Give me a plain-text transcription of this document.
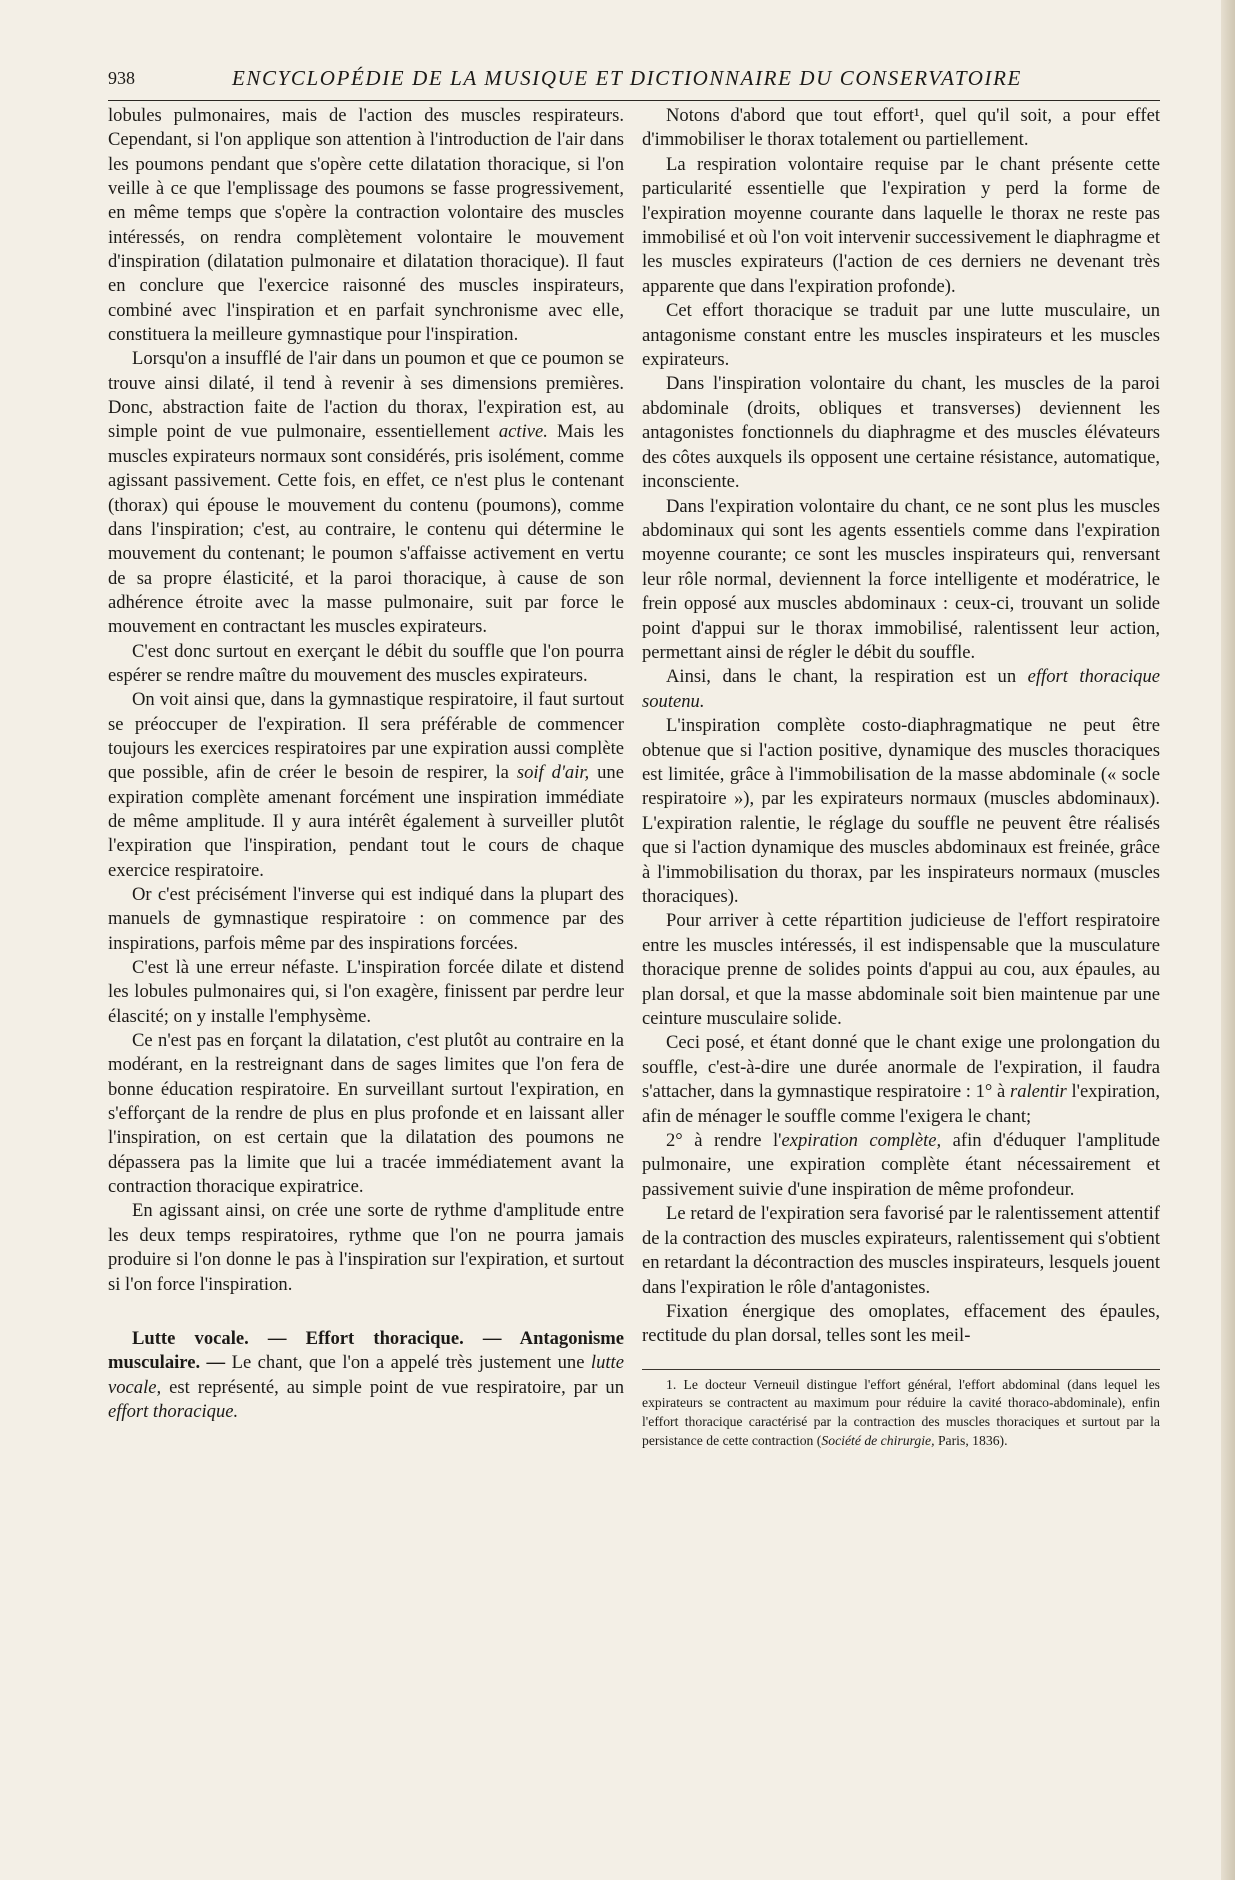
938	ENCYCLOPÉDIE DE LA MUSIQUE ET DICTIONNAIRE DU CONSERVATOIRE

lobules pulmonaires, mais de l'action des muscles respirateurs. Cependant, si l'on applique son attention à l'introduction de l'air dans les poumons pendant que s'opère cette dilatation thoracique, si l'on veille à ce que l'emplissage des poumons se fasse progressivement, en même temps que s'opère la contraction volontaire des muscles intéressés, on rendra complètement volontaire le mouvement d'inspiration (dilatation pulmonaire et dilatation thoracique). Il faut en conclure que l'exercice raisonné des muscles inspirateurs, combiné avec l'inspiration et en parfait synchronisme avec elle, constituera la meilleure gymnastique pour l'inspiration.

Lorsqu'on a insufflé de l'air dans un poumon et que ce poumon se trouve ainsi dilaté, il tend à revenir à ses dimensions premières. Donc, abstraction faite de l'action du thorax, l'expiration est, au simple point de vue pulmonaire, essentiellement active. Mais les muscles expirateurs normaux sont considérés, pris isolément, comme agissant passivement. Cette fois, en effet, ce n'est plus le contenant (thorax) qui épouse le mouvement du contenu (poumons), comme dans l'inspiration; c'est, au contraire, le contenu qui détermine le mouvement du contenant; le poumon s'affaisse activement en vertu de sa propre élasticité, et la paroi thoracique, à cause de son adhérence étroite avec la masse pulmonaire, suit par force le mouvement en contractant les muscles expirateurs.

C'est donc surtout en exerçant le débit du souffle que l'on pourra espérer se rendre maître du mouvement des muscles expirateurs.

On voit ainsi que, dans la gymnastique respiratoire, il faut surtout se préoccuper de l'expiration. Il sera préférable de commencer toujours les exercices respiratoires par une expiration aussi complète que possible, afin de créer le besoin de respirer, la soif d'air, une expiration complète amenant forcément une inspiration immédiate de même amplitude. Il y aura intérêt également à surveiller plutôt l'expiration que l'inspiration, pendant tout le cours de chaque exercice respiratoire.

Or c'est précisément l'inverse qui est indiqué dans la plupart des manuels de gymnastique respiratoire : on commence par des inspirations, parfois même par des inspirations forcées.

C'est là une erreur néfaste. L'inspiration forcée dilate et distend les lobules pulmonaires qui, si l'on exagère, finissent par perdre leur élascité; on y installe l'emphysème.

Ce n'est pas en forçant la dilatation, c'est plutôt au contraire en la modérant, en la restreignant dans de sages limites que l'on fera de bonne éducation respiratoire. En surveillant surtout l'expiration, en s'efforçant de la rendre de plus en plus profonde et en laissant aller l'inspiration, on est certain que la dilatation des poumons ne dépassera pas la limite que lui a tracée immédiatement avant la contraction thoracique expiratrice.

En agissant ainsi, on crée une sorte de rythme d'amplitude entre les deux temps respiratoires, rythme que l'on ne pourra jamais produire si l'on donne le pas à l'inspiration sur l'expiration, et surtout si l'on force l'inspiration.

Lutte vocale. — Effort thoracique. — Antagonisme musculaire. — Le chant, que l'on a appelé très justement une lutte vocale, est représenté, au simple point de vue respiratoire, par un effort thoracique.

Notons d'abord que tout effort¹, quel qu'il soit, a pour effet d'immobiliser le thorax totalement ou partiellement.

La respiration volontaire requise par le chant présente cette particularité essentielle que l'expiration y perd la forme de l'expiration moyenne courante dans laquelle le thorax ne reste pas immobilisé et où l'on voit intervenir successivement le diaphragme et les muscles expirateurs (l'action de ces derniers ne devenant très apparente que dans l'expiration profonde).

Cet effort thoracique se traduit par une lutte musculaire, un antagonisme constant entre les muscles inspirateurs et les muscles expirateurs.

Dans l'inspiration volontaire du chant, les muscles de la paroi abdominale (droits, obliques et transverses) deviennent les antagonistes fonctionnels du diaphragme et des muscles élévateurs des côtes auxquels ils opposent une certaine résistance, automatique, inconsciente.

Dans l'expiration volontaire du chant, ce ne sont plus les muscles abdominaux qui sont les agents essentiels comme dans l'expiration moyenne courante; ce sont les muscles inspirateurs qui, renversant leur rôle normal, deviennent la force intelligente et modératrice, le frein opposé aux muscles abdominaux : ceux-ci, trouvant un solide point d'appui sur le thorax immobilisé, ralentissent leur action, permettant ainsi de régler le débit du souffle.

Ainsi, dans le chant, la respiration est un effort thoracique soutenu.

L'inspiration complète costo-diaphragmatique ne peut être obtenue que si l'action positive, dynamique des muscles thoraciques est limitée, grâce à l'immobilisation de la masse abdominale (« socle respiratoire »), par les expirateurs normaux (muscles abdominaux). L'expiration ralentie, le réglage du souffle ne peuvent être réalisés que si l'action dynamique des muscles abdominaux est freinée, grâce à l'immobilisation du thorax, par les inspirateurs normaux (muscles thoraciques).

Pour arriver à cette répartition judicieuse de l'effort respiratoire entre les muscles intéressés, il est indispensable que la musculature thoracique prenne de solides points d'appui au cou, aux épaules, au plan dorsal, et que la masse abdominale soit bien maintenue par une ceinture musculaire solide.

Ceci posé, et étant donné que le chant exige une prolongation du souffle, c'est-à-dire une durée anormale de l'expiration, il faudra s'attacher, dans la gymnastique respiratoire : 1° à ralentir l'expiration, afin de ménager le souffle comme l'exigera le chant;

2° à rendre l'expiration complète, afin d'éduquer l'amplitude pulmonaire, une expiration complète étant nécessairement et passivement suivie d'une inspiration de même profondeur.

Le retard de l'expiration sera favorisé par le ralentissement attentif de la contraction des muscles expirateurs, ralentissement qui s'obtient en retardant la décontraction des muscles inspirateurs, lesquels jouent dans l'expiration le rôle d'antagonistes.

Fixation énergique des omoplates, effacement des épaules, rectitude du plan dorsal, telles sont les meil-

1. Le docteur Verneuil distingue l'effort général, l'effort abdominal (dans lequel les expirateurs se contractent au maximum pour réduire la cavité thoraco-abdominale), enfin l'effort thoracique caractérisé par la contraction des muscles thoraciques et surtout par la persistance de cette contraction (Société de chirurgie, Paris, 1836).
